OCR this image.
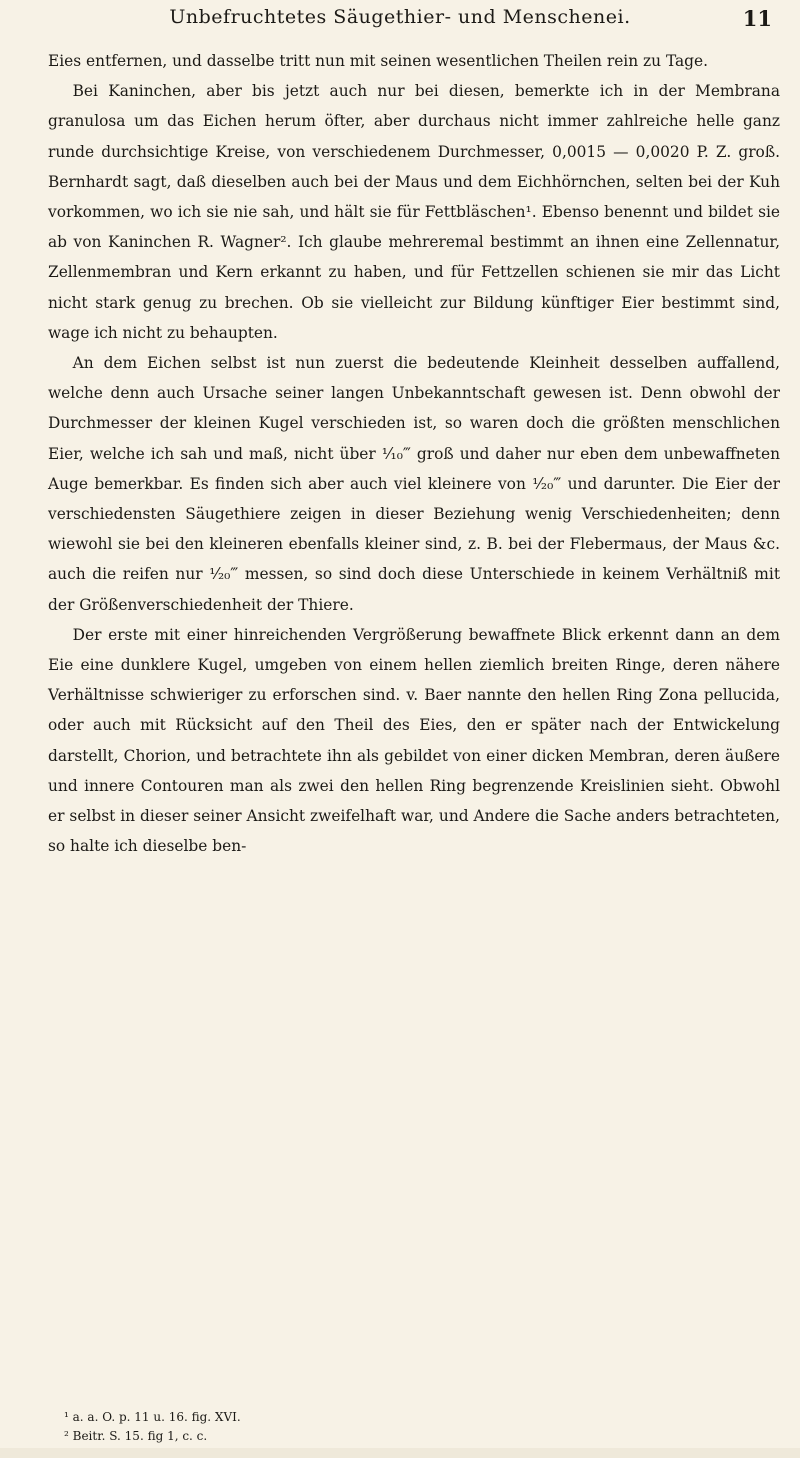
Unbefruchtetes Säugethier- und Menschenei.	11

Eies entfernen, und dasselbe tritt nun mit seinen wesentlichen Theilen rein zu Tage.

Bei Kaninchen, aber bis jetzt auch nur bei diesen, bemerkte ich in der Membrana granulosa um das Eichen herum öfter, aber durchaus nicht immer zahlreiche helle ganz runde durchsichtige Kreise, von verschiedenem Durchmesser, 0,0015 — 0,0020 P. Z. groß. Bernhardt sagt, daß dieselben auch bei der Maus und dem Eichhörnchen, selten bei der Kuh vorkommen, wo ich sie nie sah, und hält sie für Fettbläschen¹. Ebenso benennt und bildet sie ab von Kaninchen R. Wagner². Ich glaube mehreremal bestimmt an ihnen eine Zellennatur, Zellenmembran und Kern erkannt zu haben, und für Fettzellen schienen sie mir das Licht nicht stark genug zu brechen. Ob sie vielleicht zur Bildung künftiger Eier bestimmt sind, wage ich nicht zu behaupten.

An dem Eichen selbst ist nun zuerst die bedeutende Kleinheit desselben auffallend, welche denn auch Ursache seiner langen Unbekanntschaft gewesen ist. Denn obwohl der Durchmesser der kleinen Kugel verschieden ist, so waren doch die größten menschlichen Eier, welche ich sah und maß, nicht über ¹⁄₁₀‴ groß und daher nur eben dem unbewaffneten Auge bemerkbar. Es finden sich aber auch viel kleinere von ¹⁄₂₀‴ und darunter. Die Eier der verschiedensten Säugethiere zeigen in dieser Beziehung wenig Verschiedenheiten; denn wiewohl sie bei den kleineren ebenfalls kleiner sind, z. B. bei der Flebermaus, der Maus &c. auch die reifen nur ¹⁄₂₀‴ messen, so sind doch diese Unterschiede in keinem Verhältniß mit der Größenverschiedenheit der Thiere.

Der erste mit einer hinreichenden Vergrößerung bewaffnete Blick erkennt dann an dem Eie eine dunklere Kugel, umgeben von einem hellen ziemlich breiten Ringe, deren nähere Verhältnisse schwieriger zu erforschen sind. v. Baer nannte den hellen Ring Zona pellucida, oder auch mit Rücksicht auf den Theil des Eies, den er später nach der Entwickelung darstellt, Chorion, und betrachtete ihn als gebildet von einer dicken Membran, deren äußere und innere Contouren man als zwei den hellen Ring begrenzende Kreislinien sieht. Obwohl er selbst in dieser seiner Ansicht zweifelhaft war, und Andere die Sache anders betrachteten, so halte ich dieselbe ben-

¹ a. a. O. p. 11 u. 16. fig. XVI.

² Beitr. S. 15. fig 1, c. c.
